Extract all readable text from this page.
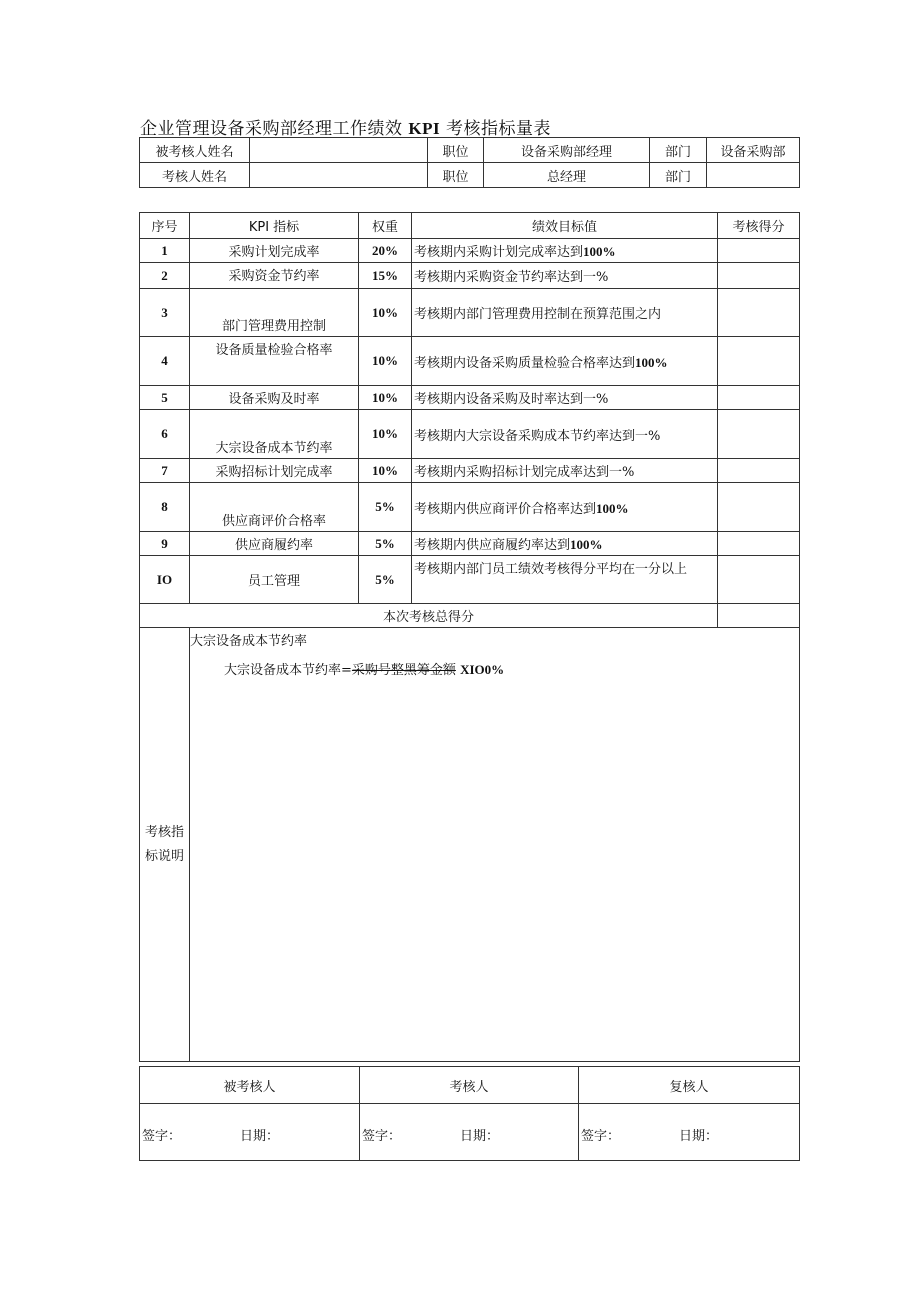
企业管理设备采购部经理工作绩效 KPI 考核指标量表
被考核人姓名		职位	设备采购部经理	部门	设备采购部
考核人姓名		职位	总经理	部门	
序号	KPI 指标	权重	绩效目标值	考核得分
1	采购计划完成率	20%	考核期内采购计划完成率达到100%	
2	采购资金节约率	15%	考核期内采购资金节约率达到一%	
3	部门管理费用控制	10%	考核期内部门管理费用控制在预算范围之内	
4	设备质量检验合格率	10%	考核期内设备采购质量检验合格率达到100%	
5	设备采购及时率	10%	考核期内设备采购及时率达到一%	
6	大宗设备成本节约率	10%	考核期内大宗设备采购成本节约率达到一%	
7	采购招标计划完成率	10%	考核期内采购招标计划完成率达到一%	
8	供应商评价合格率	5%	考核期内供应商评价合格率达到100%	
9	供应商履约率	5%	考核期内供应商履约率达到100%	
IO	员工管理	5%	考核期内部门员工绩效考核得分平均在一分以上	
本次考核总得分				
考核指标说明	大宗设备成本节约率
大宗设备成本节约率=采购号整黑筹金额 XIO0%			
被考核人	考核人	复核人

签字： 日期：	签字： 日期：	签字： 日期：
